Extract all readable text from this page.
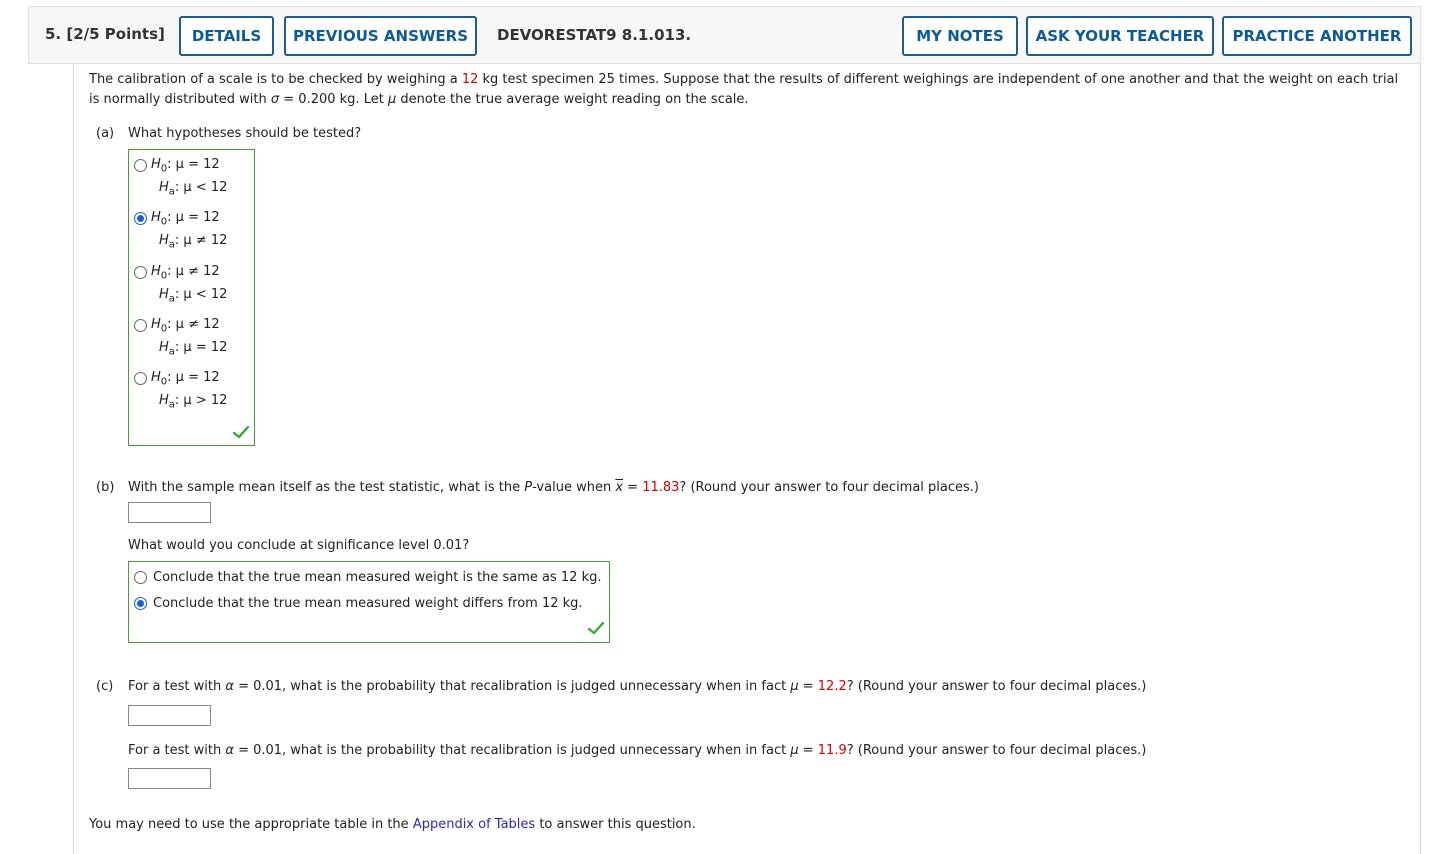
5. [2/5 Points]	DETAILS	PREVIOUS ANSWERS	DEVORESTAT9 8.1.013.	MY NOTES	ASK YOUR TEACHER	PRACTICE ANOTHER
The calibration of a scale is to be checked by weighing a 12 kg test specimen 25 times. Suppose that the results of different weighings are independent of one another and that the weight on each trial
is normally distributed with σ = 0.200 kg. Let μ denote the true average weight reading on the scale.
(a) What hypotheses should be tested?
$H_0$: μ = 12
$H_a$: μ < 12
$H_0$: μ = 12
$H_a$: μ ≠ 12
$H_0$: μ ≠ 12
$H_a$: μ < 12
$H_0$: μ ≠ 12
$H_a$: μ = 12
$H_0$: μ = 12
$H_a$: μ > 12
(b) With the sample mean itself as the test statistic, what is the P-value when $\overline{x} = 11.83$? (Round your answer to four decimal places.)
What would you conclude at significance level 0.01?
Conclude that the true mean measured weight is the same as 12 kg.
Conclude that the true mean measured weight differs from 12 kg.
(c) For a test with α = 0.01, what is the probability that recalibration is judged unnecessary when in fact μ = 12.2? (Round your answer to four decimal places.)
For a test with α = 0.01, what is the probability that recalibration is judged unnecessary when in fact μ = 11.9? (Round your answer to four decimal places.)
You may need to use the appropriate table in the Appendix of Tables to answer this question.
